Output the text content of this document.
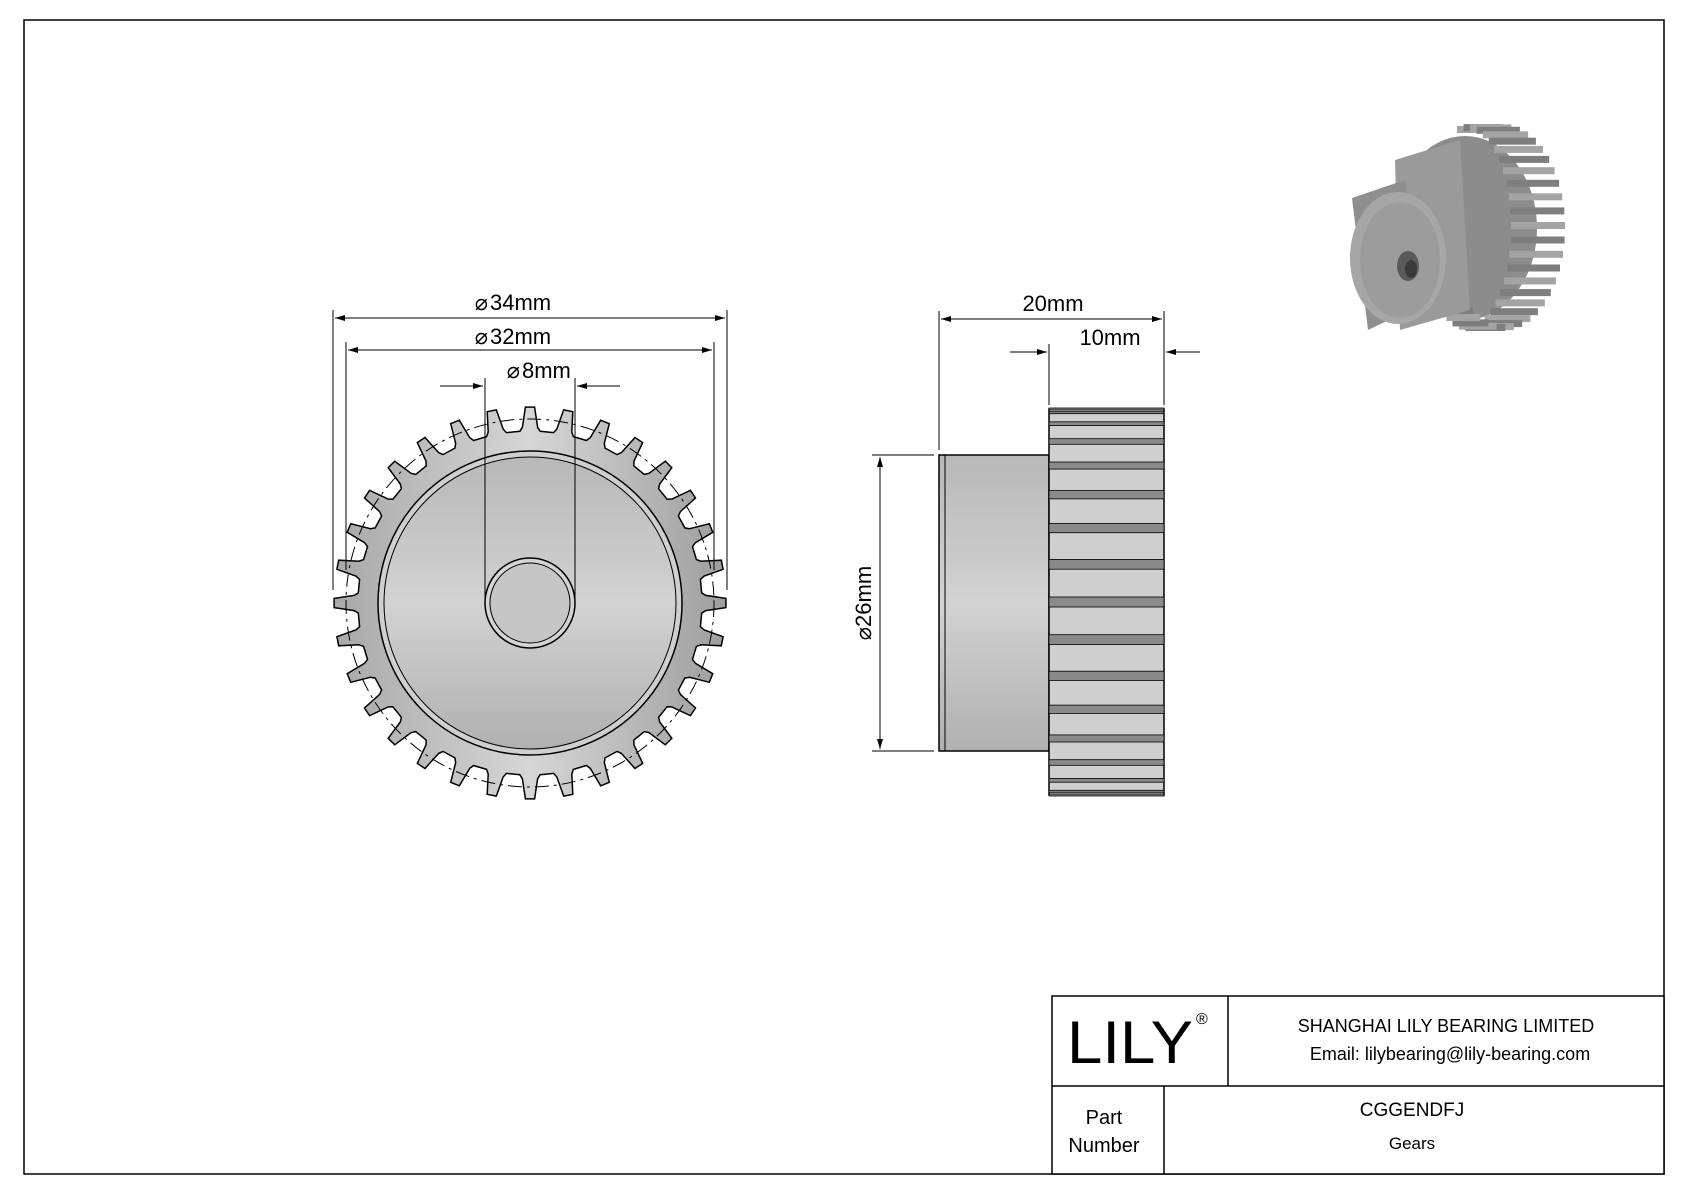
⌀ 34mm
⌀ 32mm
⌀ 8mm
20mm
10mm
⌀26mm
LILY ®	SHANGHAI LILY BEARING LIMITED
Email: lilybearing@lily-bearing.com
Part
Number
CGGENDFJ
Gears
